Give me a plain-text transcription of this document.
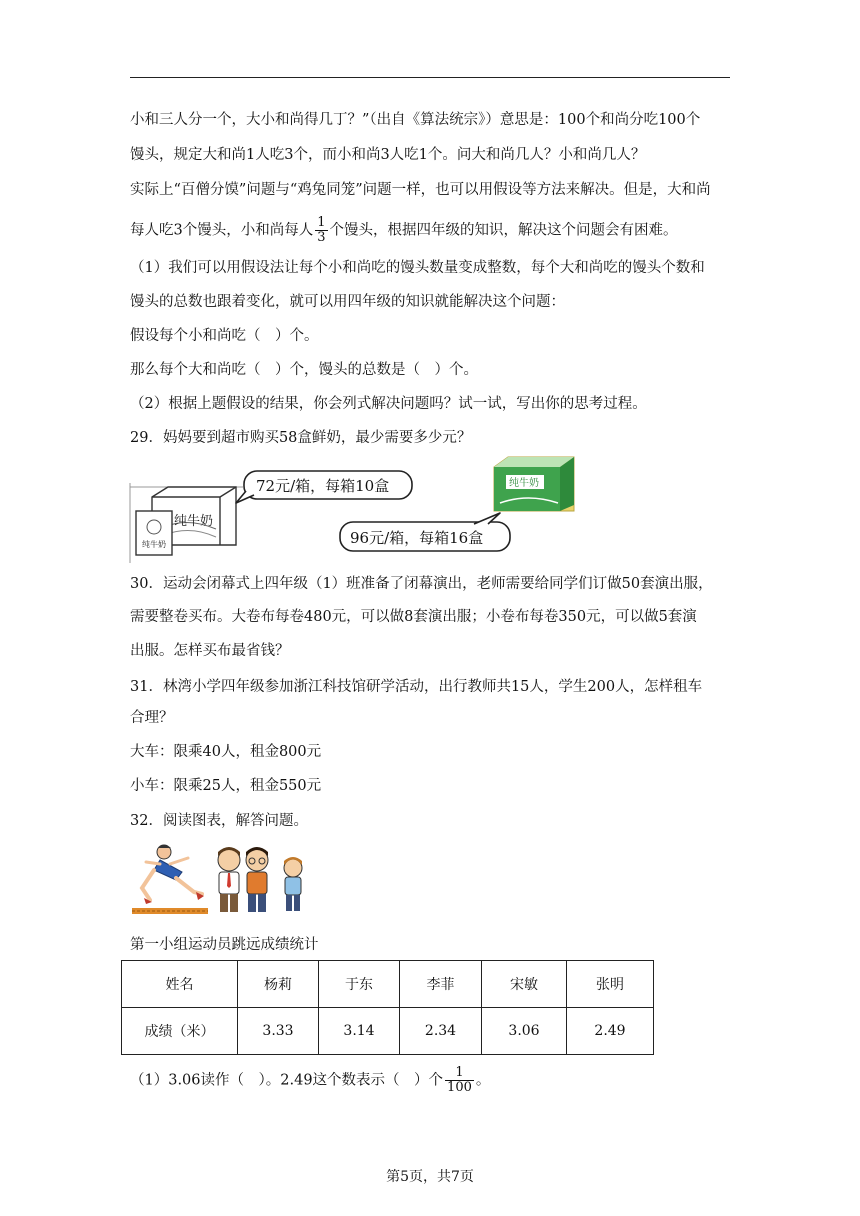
小和三人分一个，大小和尚得几丁？”（出自《算法统宗》）意思是：100个和尚分吃100个
馒头，规定大和尚1人吃3个，而小和尚3人吃1个。问大和尚几人？小和尚几人？
实际上“百僧分馍”问题与“鸡兔同笼”问题一样，也可以用假设等方法来解决。但是，大和尚
每人吃3个馒头，小和尚每人 $\frac{1}{3}$ 个馒头，根据四年级的知识，解决这个问题会有困难。
（1）我们可以用假设法让每个小和尚吃的馒头数量变成整数，每个大和尚吃的馒头个数和
馒头的总数也跟着变化，就可以用四年级的知识就能解决这个问题：
假设每个小和尚吃（　）个。
那么每个大和尚吃（　）个，馒头的总数是（　）个。
（2）根据上题假设的结果，你会列式解决问题吗？试一试，写出你的思考过程。
29．妈妈要到超市购买58盒鲜奶，最少需要多少元？
纯牛奶
纯牛奶
72元/箱，每箱10盒
96元/箱，每箱16盒
纯牛奶
30．运动会闭幕式上四年级（1）班准备了闭幕演出，老师需要给同学们订做50套演出服，
需要整卷买布。大卷布每卷480元，可以做8套演出服；小卷布每卷350元，可以做5套演
出服。怎样买布最省钱？
31．林湾小学四年级参加浙江科技馆研学活动，出行教师共15人，学生200人，怎样租车
合理？
大车：限乘40人，租金800元
小车：限乘25人，租金550元
32．阅读图表，解答问题。
第一小组运动员跳远成绩统计
姓名	杨莉	于东	李菲	宋敏	张明
成绩（米）	3.33	3.14	2.34	3.06	2.49
（1）3.06读作（　）。2.49这个数表示（　）个 $\frac{1}{100}$ 。
第5页，共7页
